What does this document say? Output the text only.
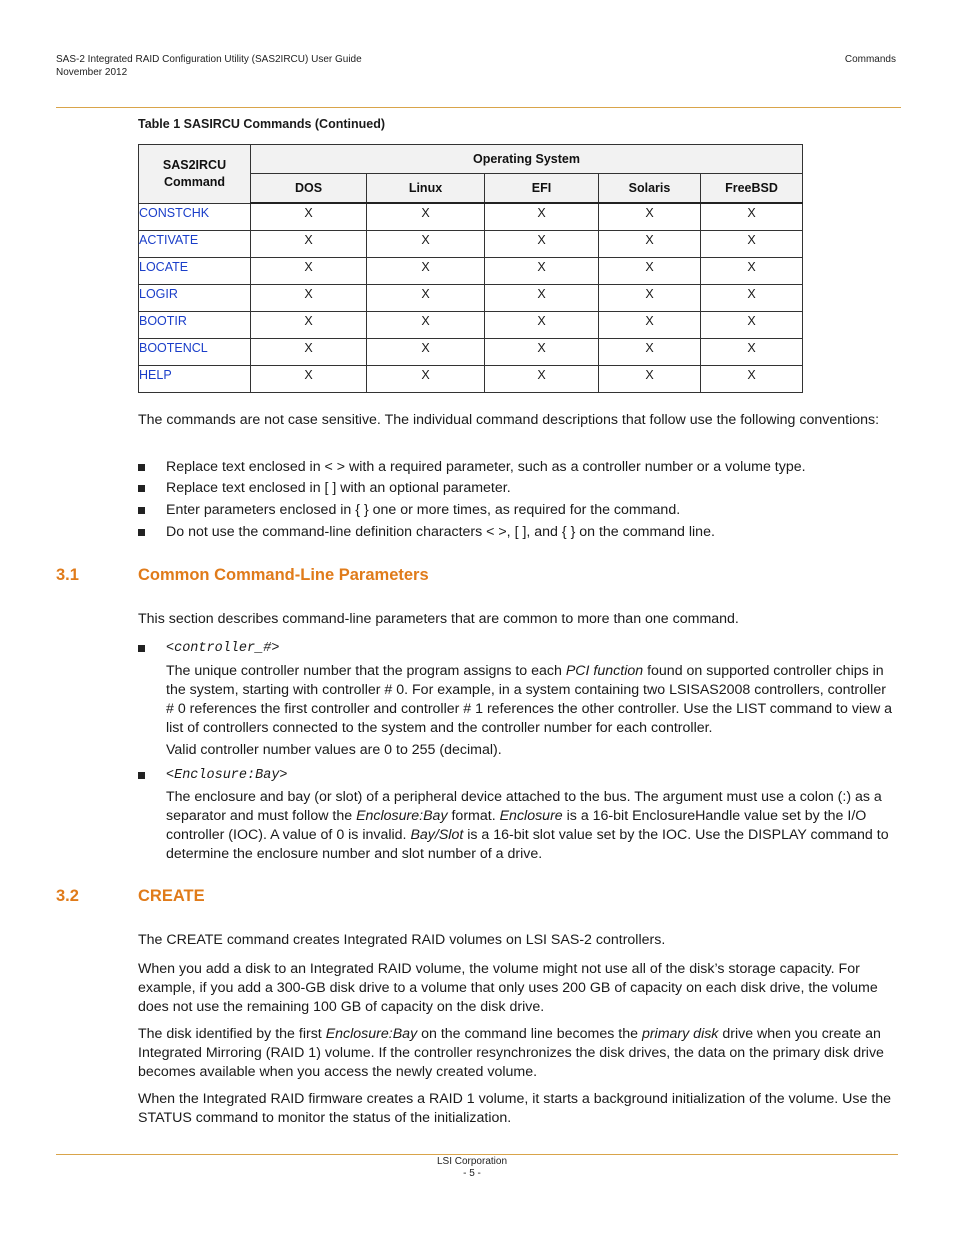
SAS-2 Integrated RAID Configuration Utility (SAS2IRCU) User Guide
November 2012
Commands
Table 1 SASIRCU Commands (Continued)
SAS2IRCU
Command	Operating System				
	DOS	Linux	EFI	Solaris	FreeBSD
CONSTCHK	X	X	X	X	X
ACTIVATE	X	X	X	X	X
LOCATE	X	X	X	X	X
LOGIR	X	X	X	X	X
BOOTIR	X	X	X	X	X
BOOTENCL	X	X	X	X	X
HELP	X	X	X	X	X
The commands are not case sensitive. The individual command descriptions that follow use the following conventions:
Replace text enclosed in < > with a required parameter, such as a controller number or a volume type.
Replace text enclosed in [ ] with an optional parameter.
Enter parameters enclosed in { } one or more times, as required for the command.
Do not use the command-line definition characters < >, [ ], and { } on the command line.
3.1	Common Command-Line Parameters
This section describes command-line parameters that are common to more than one command.
<controller_#>
The unique controller number that the program assigns to each PCI function found on supported controller chips in the system, starting with controller # 0. For example, in a system containing two LSISAS2008 controllers, controller # 0 references the first controller and controller # 1 references the other controller. Use the LIST command to view a list of controllers connected to the system and the controller number for each controller.
Valid controller number values are 0 to 255 (decimal).
<Enclosure:Bay>
The enclosure and bay (or slot) of a peripheral device attached to the bus. The argument must use a colon (:) as a separator and must follow the Enclosure:Bay format. Enclosure is a 16-bit EnclosureHandle value set by the I/O controller (IOC). A value of 0 is invalid. Bay/Slot is a 16-bit slot value set by the IOC. Use the DISPLAY command to determine the enclosure number and slot number of a drive.
3.2	CREATE
The CREATE command creates Integrated RAID volumes on LSI SAS-2 controllers.
When you add a disk to an Integrated RAID volume, the volume might not use all of the disk’s storage capacity. For example, if you add a 300-GB disk drive to a volume that only uses 200 GB of capacity on each disk drive, the volume does not use the remaining 100 GB of capacity on the disk drive.
The disk identified by the first Enclosure:Bay on the command line becomes the primary disk drive when you create an Integrated Mirroring (RAID 1) volume. If the controller resynchronizes the disk drives, the data on the primary disk drive becomes available when you access the newly created volume.
When the Integrated RAID firmware creates a RAID 1 volume, it starts a background initialization of the volume. Use the STATUS command to monitor the status of the initialization.
LSI Corporation
- 5 -
